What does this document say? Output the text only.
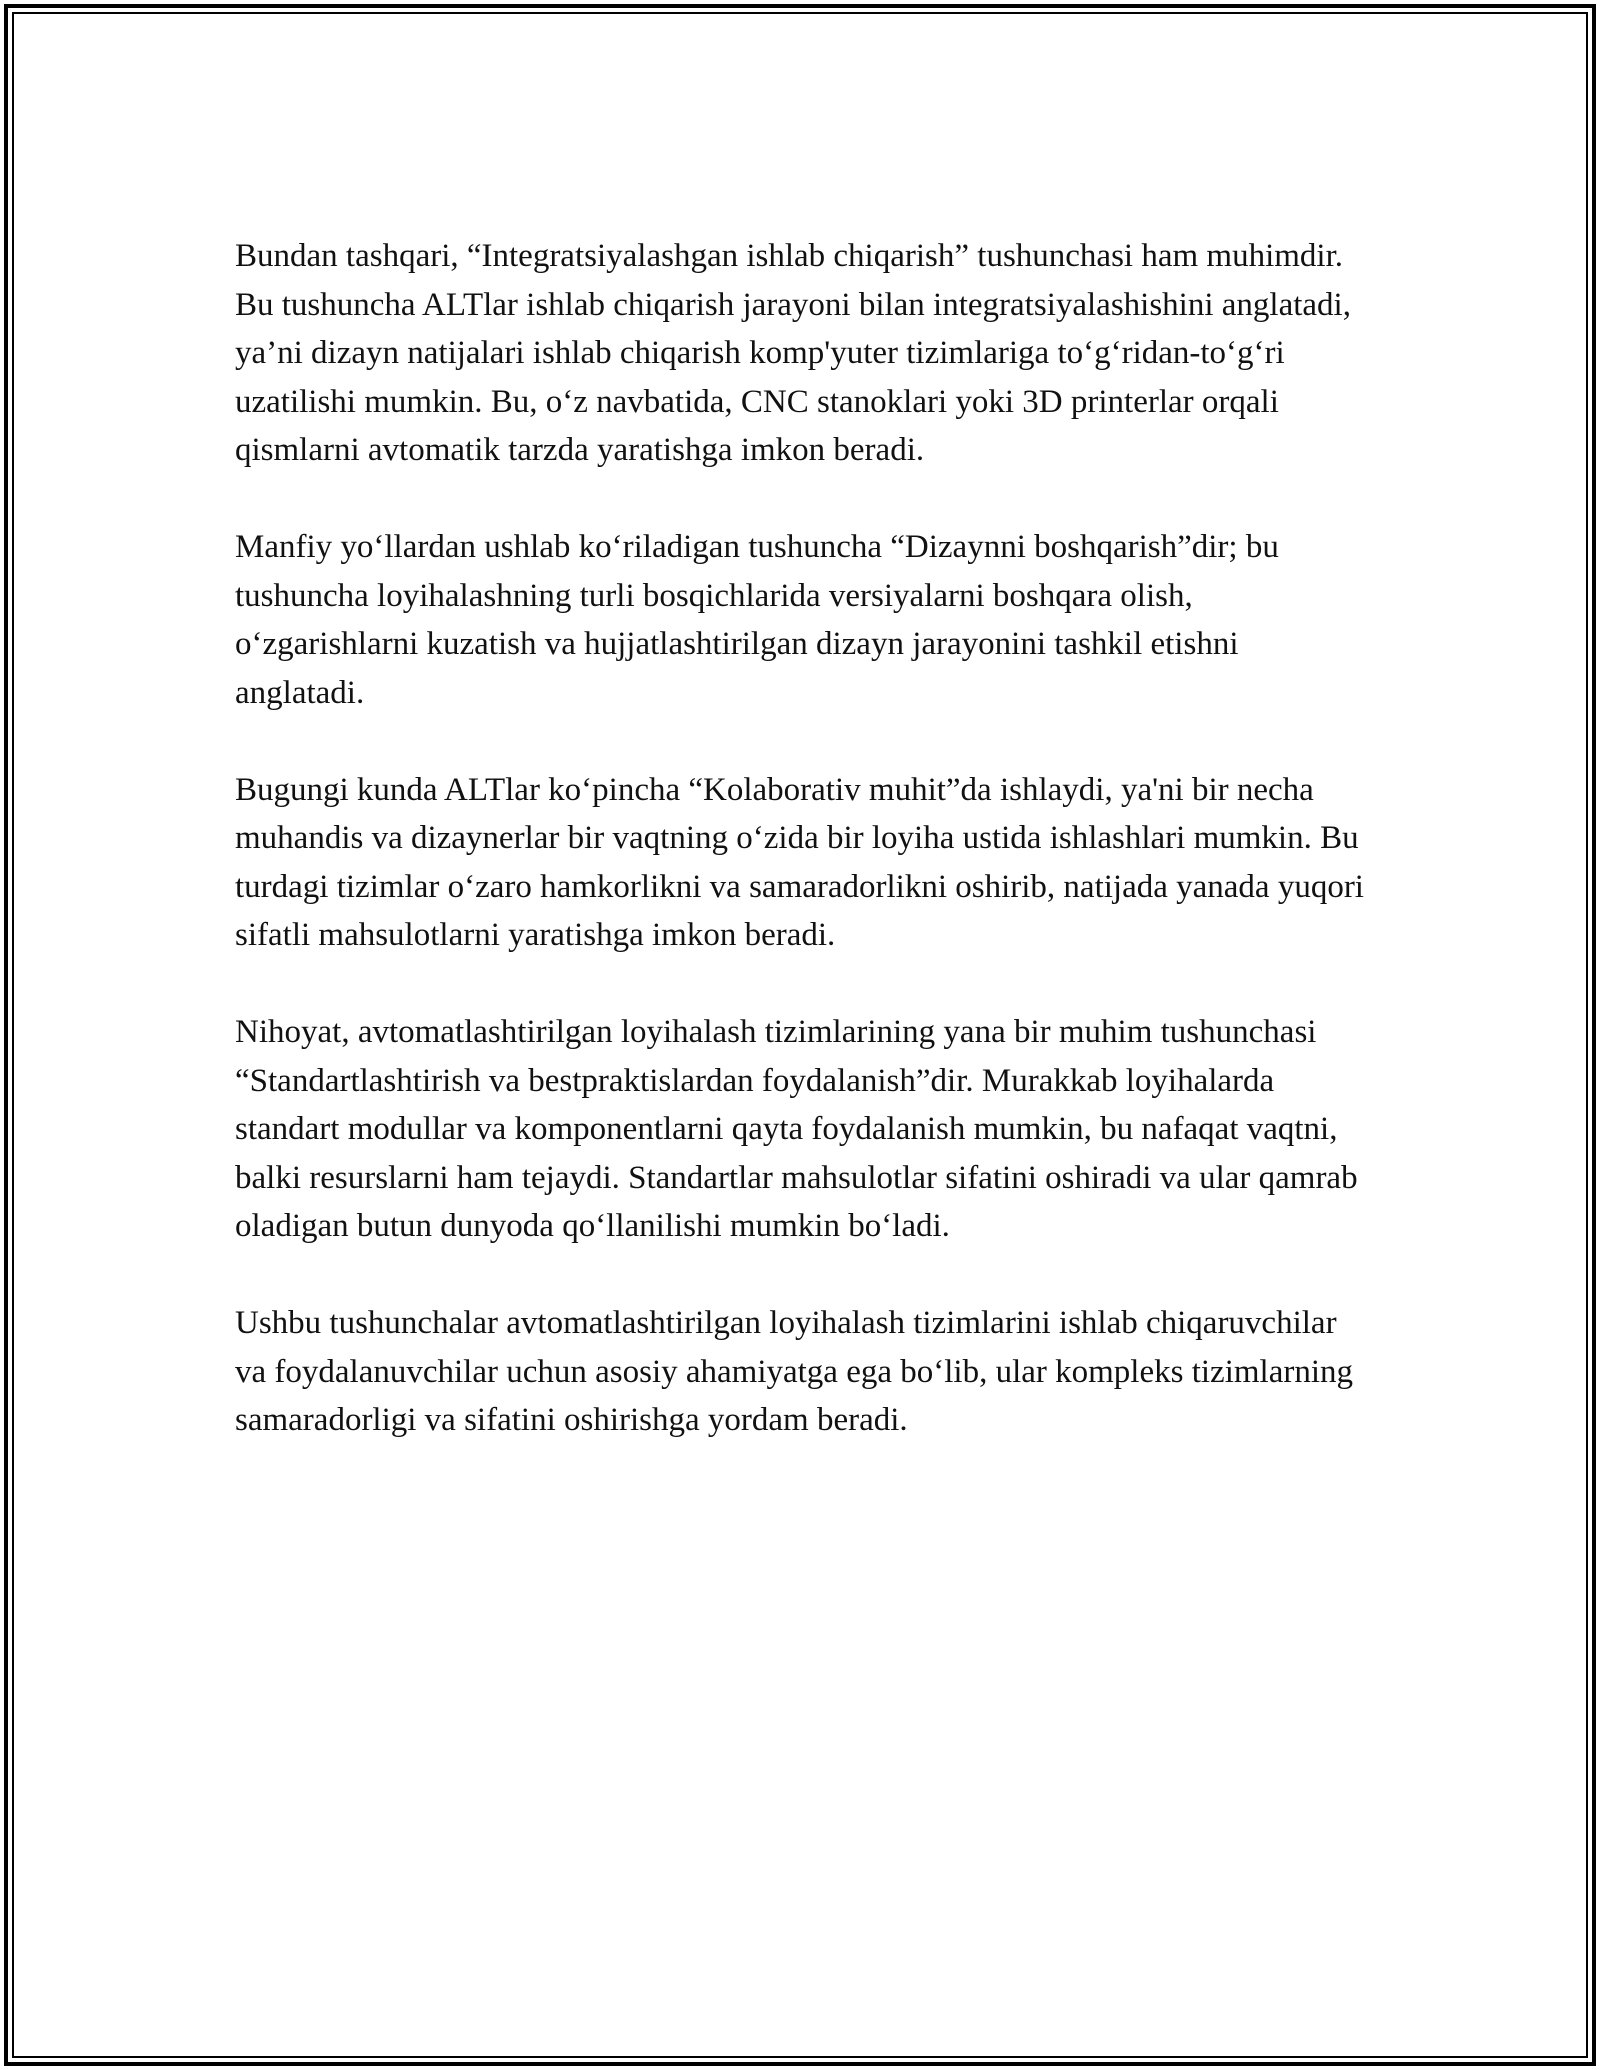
Bundan tashqari, “Integratsiyalashgan ishlab chiqarish” tushunchasi ham muhimdir. Bu tushuncha ALTlar ishlab chiqarish jarayoni bilan integratsiyalashishini anglatadi, ya’ni dizayn natijalari ishlab chiqarish komp'yuter tizimlariga to‘g‘ridan-to‘g‘ri uzatilishi mumkin. Bu, o‘z navbatida, CNC stanoklari yoki 3D printerlar orqali qismlarni avtomatik tarzda yaratishga imkon beradi.

Manfiy yo‘llardan ushlab ko‘riladigan tushuncha “Dizaynni boshqarish”dir; bu tushuncha loyihalashning turli bosqichlarida versiyalarni boshqara olish, o‘zgarishlarni kuzatish va hujjatlashtirilgan dizayn jarayonini tashkil etishni anglatadi.

Bugungi kunda ALTlar ko‘pincha “Kolaborativ muhit”da ishlaydi, ya'ni bir necha muhandis va dizaynerlar bir vaqtning o‘zida bir loyiha ustida ishlashlari mumkin. Bu turdagi tizimlar o‘zaro hamkorlikni va samaradorlikni oshirib, natijada yanada yuqori sifatli mahsulotlarni yaratishga imkon beradi.

Nihoyat, avtomatlashtirilgan loyihalash tizimlarining yana bir muhim tushunchasi “Standartlashtirish va bestpraktislardan foydalanish”dir. Murakkab loyihalarda standart modullar va komponentlarni qayta foydalanish mumkin, bu nafaqat vaqtni, balki resurslarni ham tejaydi. Standartlar mahsulotlar sifatini oshiradi va ular qamrab oladigan butun dunyoda qo‘llanilishi mumkin bo‘ladi.

Ushbu tushunchalar avtomatlashtirilgan loyihalash tizimlarini ishlab chiqaruvchilar va foydalanuvchilar uchun asosiy ahamiyatga ega bo‘lib, ular kompleks tizimlarning samaradorligi va sifatini oshirishga yordam beradi.
